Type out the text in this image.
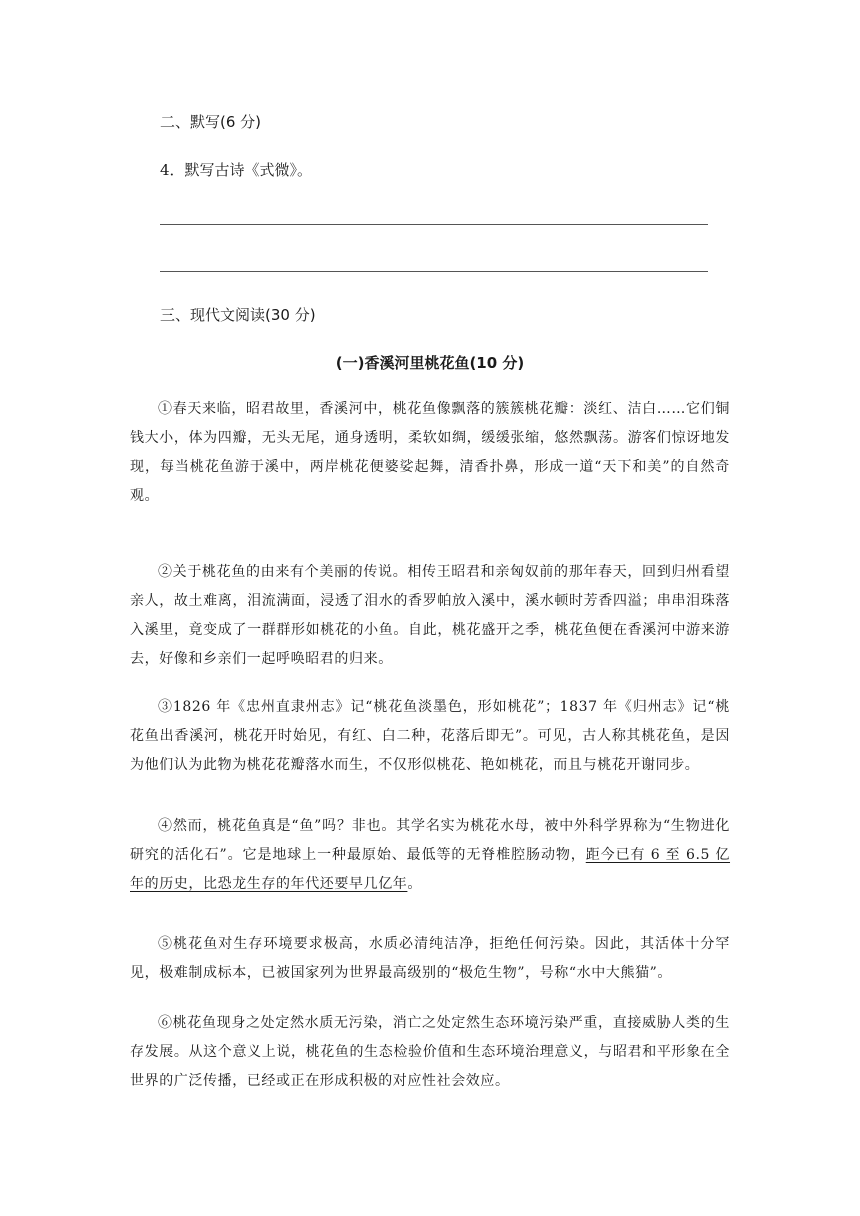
二、默写(6 分)
4．默写古诗《式微》。
三、现代文阅读(30 分)
(一)香溪河里桃花鱼(10 分)

①春天来临，昭君故里，香溪河中，桃花鱼像飘落的簇簇桃花瓣：淡红、洁白……它们铜钱大小，体为四瓣，无头无尾，通身透明，柔软如绸，缓缓张缩，悠然飘荡。游客们惊讶地发现，每当桃花鱼游于溪中，两岸桃花便婆娑起舞，清香扑鼻，形成一道“天下和美”的自然奇观。

②关于桃花鱼的由来有个美丽的传说。相传王昭君和亲匈奴前的那年春天，回到归州看望亲人，故土难离，泪流满面，浸透了泪水的香罗帕放入溪中，溪水顿时芳香四溢；串串泪珠落入溪里，竟变成了一群群形如桃花的小鱼。自此，桃花盛开之季，桃花鱼便在香溪河中游来游去，好像和乡亲们一起呼唤昭君的归来。

③1826 年《忠州直隶州志》记“桃花鱼淡墨色，形如桃花”；1837 年《归州志》记“桃花鱼出香溪河，桃花开时始见，有红、白二种，花落后即无”。可见，古人称其桃花鱼，是因为他们认为此物为桃花花瓣落水而生，不仅形似桃花、艳如桃花，而且与桃花开谢同步。

④然而，桃花鱼真是“鱼”吗？非也。其学名实为桃花水母，被中外科学界称为“生物进化研究的活化石”。它是地球上一种最原始、最低等的无脊椎腔肠动物，距今已有 6 至 6.5 亿年的历史，比恐龙生存的年代还要早几亿年。

⑤桃花鱼对生存环境要求极高，水质必清纯洁净，拒绝任何污染。因此，其活体十分罕见，极难制成标本，已被国家列为世界最高级别的“极危生物”，号称“水中大熊猫”。

⑥桃花鱼现身之处定然水质无污染，消亡之处定然生态环境污染严重，直接威胁人类的生存发展。从这个意义上说，桃花鱼的生态检验价值和生态环境治理意义，与昭君和平形象在全世界的广泛传播，已经或正在形成积极的对应性社会效应。
